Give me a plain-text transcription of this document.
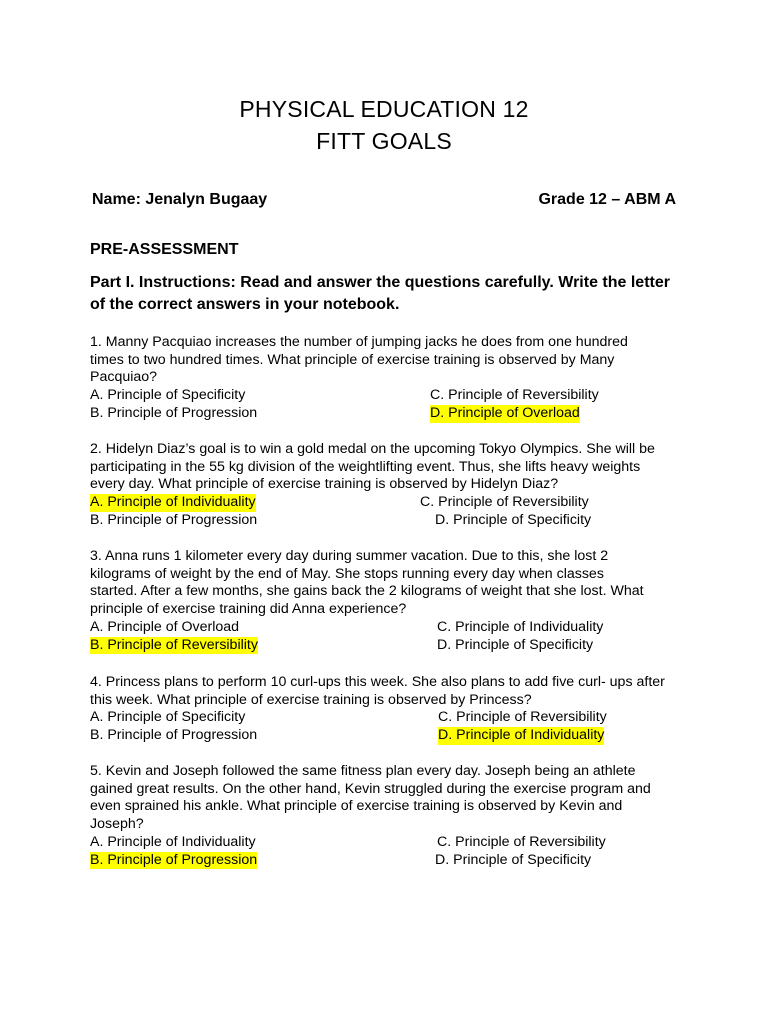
PHYSICAL EDUCATION 12
FITT GOALS
Name: Jenalyn Bugaay	Grade 12 – ABM A
PRE-ASSESSMENT
Part I. Instructions: Read and answer the questions carefully. Write the letter of the correct answers in your notebook.
1. Manny Pacquiao increases the number of jumping jacks he does from one hundred times to two hundred times. What principle of exercise training is observed by Many Pacquiao?
A. Principle of Specificity	C. Principle of Reversibility
B. Principle of Progression	D. Principle of Overload
2. Hidelyn Diaz’s goal is to win a gold medal on the upcoming Tokyo Olympics. She will be participating in the 55 kg division of the weightlifting event. Thus, she lifts heavy weights every day. What principle of exercise training is observed by Hidelyn Diaz?
A. Principle of Individuality	C. Principle of Reversibility
B. Principle of Progression	D. Principle of Specificity
3. Anna runs 1 kilometer every day during summer vacation. Due to this, she lost 2 kilograms of weight by the end of May. She stops running every day when classes started. After a few months, she gains back the 2 kilograms of weight that she lost. What principle of exercise training did Anna experience?
A. Principle of Overload	C. Principle of Individuality
B. Principle of Reversibility	D. Principle of Specificity
4. Princess plans to perform 10 curl-ups this week. She also plans to add five curl- ups after this week. What principle of exercise training is observed by Princess?
A. Principle of Specificity	C. Principle of Reversibility
B. Principle of Progression	D. Principle of Individuality
5. Kevin and Joseph followed the same fitness plan every day. Joseph being an athlete gained great results. On the other hand, Kevin struggled during the exercise program and even sprained his ankle. What principle of exercise training is observed by Kevin and Joseph?
A. Principle of Individuality	C. Principle of Reversibility
B. Principle of Progression	D. Principle of Specificity
